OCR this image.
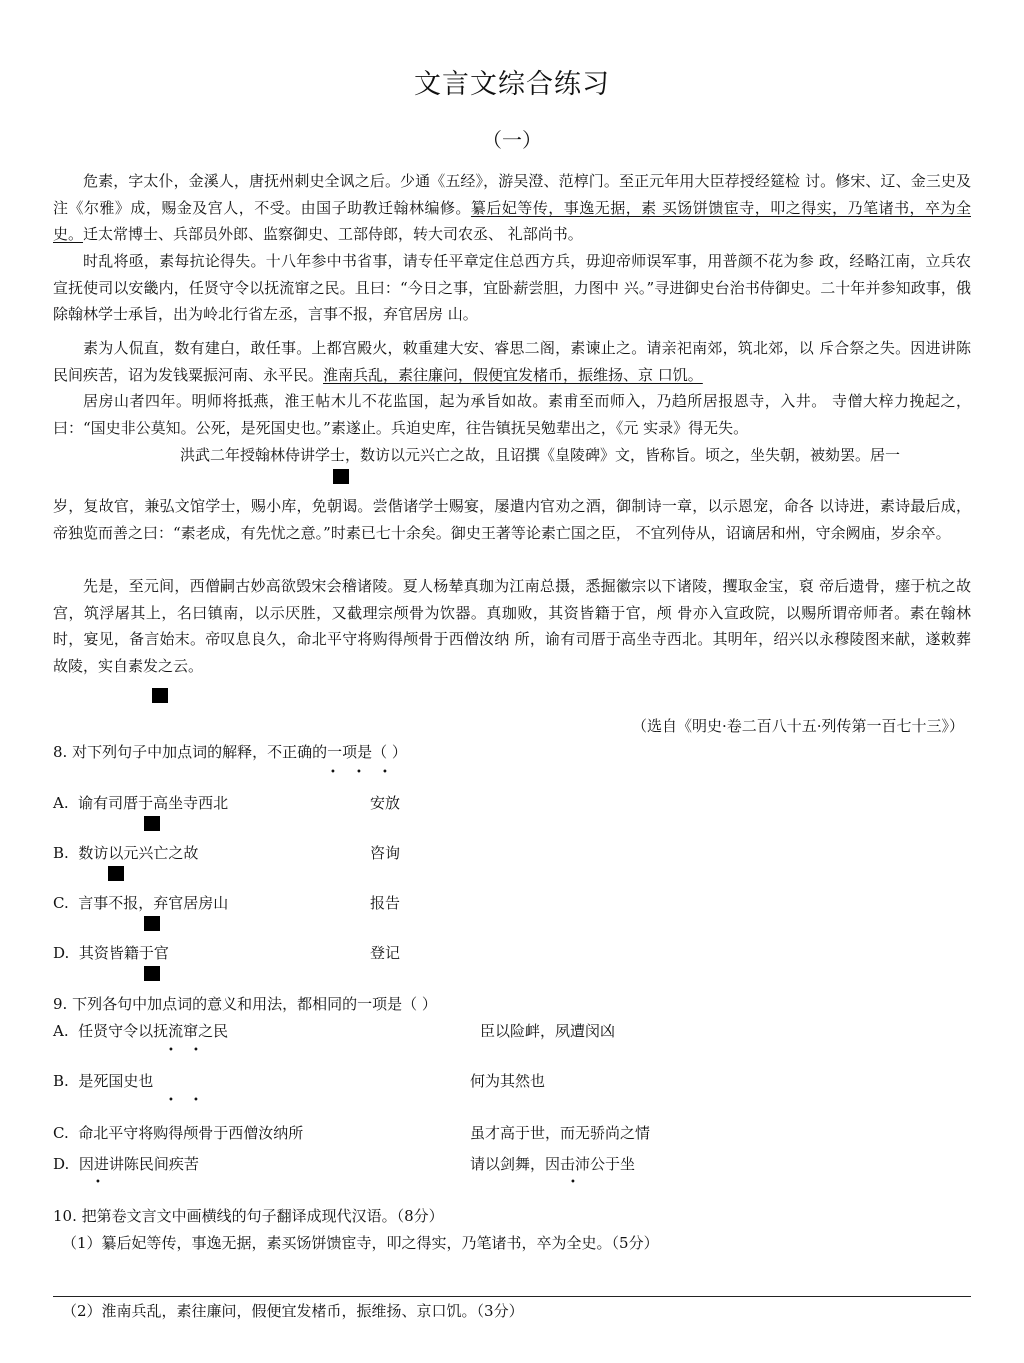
文言文综合练习
（一）

危素，字太仆，金溪人，唐抚州刺史全讽之后。少通《五经》，游吴澄、范椁门。至正元年用大臣荐授经筵检 讨。修宋、辽、金三史及注《尔雅》成，赐金及宫人，不受。由国子助教迁翰林编修。纂后妃等传，事逸无据，素 买饧饼馈宦寺，叩之得实，乃笔诸书，卒为全史。迁太常博士、兵部员外郎、监察御史、工部侍郎，转大司农丞、 礼部尚书。

时乱将亟，素每抗论得失。十八年参中书省事，请专任平章定住总西方兵，毋迎帝师误军事，用普颜不花为参 政，经略江南，立兵农宣抚使司以安畿内，任贤守令以抚流窜之民。且曰：“今日之事，宜卧薪尝胆，力图中 兴。”寻进御史台治书侍御史。二十年并参知政事，俄除翰林学士承旨，出为岭北行省左丞，言事不报，弃官居房 山。

素为人侃直，数有建白，敢任事。上都宫殿火，敕重建大安、睿思二阁，素谏止之。请亲祀南郊，筑北郊，以 斥合祭之失。因进讲陈民间疾苦，诏为发钱粟振河南、永平民。淮南兵乱，素往廉问，假便宜发楮币，振维扬、京 口饥。

居房山者四年。明师将抵燕，淮王帖木儿不花监国，起为承旨如故。素甫至而师入，乃趋所居报恩寺，入井。 寺僧大梓力挽起之，曰：“国史非公莫知。公死，是死国史也。”素遂止。兵迫史库，往告镇抚吴勉辈出之，《元 实录》得无失。

洪武二年授翰林侍讲学士，数访以元兴亡之故，且诏撰《皇陵碑》文，皆称旨。顷之，坐失朝，被劾罢。居一

岁，复故官，兼弘文馆学士，赐小库，免朝谒。尝偕诸学士赐宴，屡遣内官劝之酒，御制诗一章，以示恩宠，命各 以诗进，素诗最后成，帝独览而善之曰：“素老成，有先忧之意。”时素已七十余矣。御史王著等论素亡国之臣， 不宜列侍从，诏谪居和州，守余阙庙，岁余卒。

先是，至元间，西僧嗣古妙高欲毁宋会稽诸陵。夏人杨辇真珈为江南总摄，悉掘徽宗以下诸陵，攫取金宝，裒 帝后遗骨，瘗于杭之故宫，筑浮屠其上，名曰镇南，以示厌胜，又截理宗颅骨为饮器。真珈败，其资皆籍于官，颅 骨亦入宣政院，以赐所谓帝师者。素在翰林时，宴见，备言始末。帝叹息良久，命北平守将购得颅骨于西僧汝纳 所，谕有司厝于高坐寺西北。其明年，绍兴以永穆陵图来献，遂敕葬故陵，实自素发之云。

（选自《明史·卷二百八十五·列传第一百七十三》）
8. 对下列句子中加点词的解释，不正确的一项是（ ）
• • •
A. 谕有司厝于高坐寺西北	安放
B. 数访以元兴亡之故	咨询
C. 言事不报，弃官居房山	报告
D. 其资皆籍于官	登记
9. 下列各句中加点词的意义和用法，都相同的一项是（ ）
A. 任贤守令以抚流窜之民	臣以险衅，夙遭闵凶
• •
B. 是死国史也	何为其然也
• •
C. 命北平守将购得颅骨于西僧汝纳所	虽才高于世，而无骄尚之情
D. 因进讲陈民间疾苦	请以剑舞，因击沛公于坐
•	•
10. 把第卷文言文中画横线的句子翻译成现代汉语。（8分）
（1）纂后妃等传，事逸无据，素买饧饼馈宦寺，叩之得实，乃笔诸书，卒为全史。（5分）
（2）淮南兵乱，素往廉问，假便宜发楮币，振维扬、京口饥。（3分）
